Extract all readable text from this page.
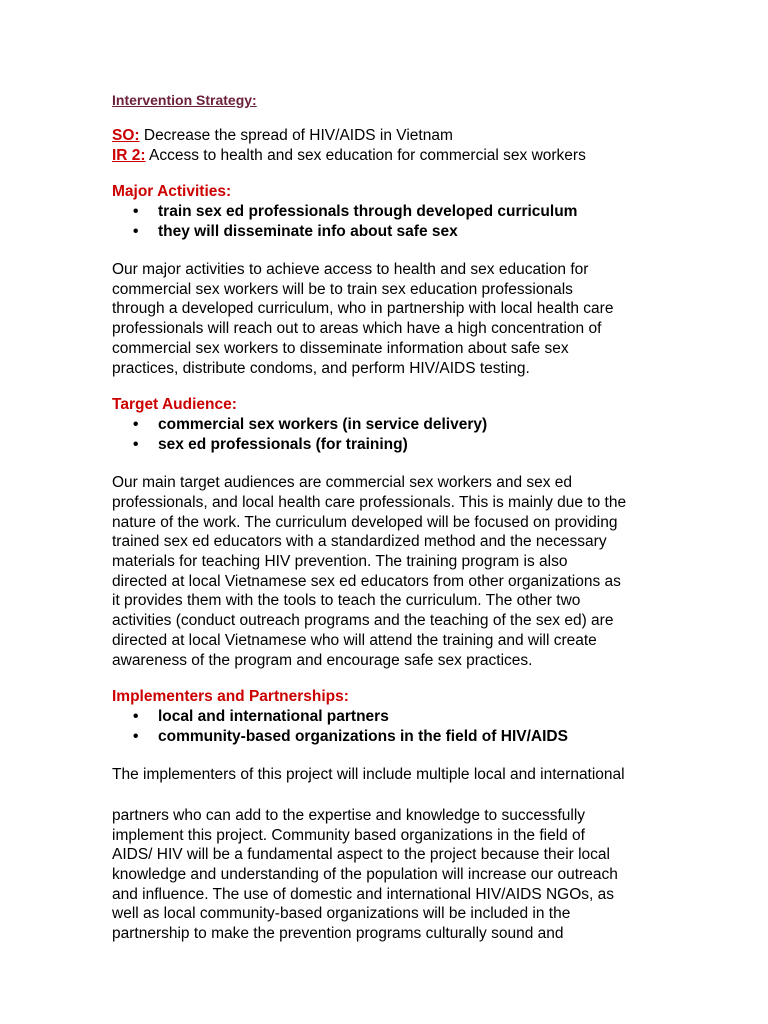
Intervention Strategy:

SO: Decrease the spread of HIV/AIDS in Vietnam

IR 2: Access to health and sex education for commercial sex workers

Major Activities:
• train sex ed professionals through developed curriculum
• they will disseminate info about safe sex

Our major activities to achieve access to health and sex education for
commercial sex workers will be to train sex education professionals
through a developed curriculum, who in partnership with local health care
professionals will reach out to areas which have a high concentration of
commercial sex workers to disseminate information about safe sex
practices, distribute condoms, and perform HIV/AIDS testing.

Target Audience:
• commercial sex workers (in service delivery)
• sex ed professionals (for training)

Our main target audiences are commercial sex workers and sex ed
professionals, and local health care professionals. This is mainly due to the
nature of the work. The curriculum developed will be focused on providing
trained sex ed educators with a standardized method and the necessary
materials for teaching HIV prevention. The training program is also
directed at local Vietnamese sex ed educators from other organizations as
it provides them with the tools to teach the curriculum. The other two
activities (conduct outreach programs and the teaching of the sex ed) are
directed at local Vietnamese who will attend the training and will create
awareness of the program and encourage safe sex practices.

Implementers and Partnerships:
• local and international partners
• community-based organizations in the field of HIV/AIDS

The implementers of this project will include multiple local and international

partners who can add to the expertise and knowledge to successfully
implement this project. Community based organizations in the field of
AIDS/ HIV will be a fundamental aspect to the project because their local
knowledge and understanding of the population will increase our outreach
and influence. The use of domestic and international HIV/AIDS NGOs, as
well as local community-based organizations will be included in the
partnership to make the prevention programs culturally sound and
